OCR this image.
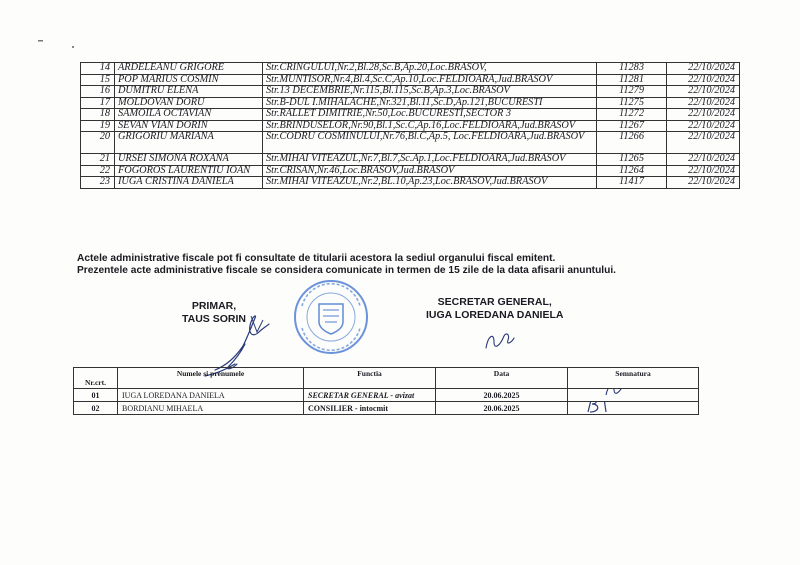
14	ARDELEANU GRIGORE	Str.CRINGULUI,Nr.2,Bl.28,Sc.B,Ap.20,Loc.BRASOV,	11283	22/10/2024
15	POP MARIUS COSMIN	Str.MUNTISOR,Nr.4,Bl.4,Sc.C,Ap.10,Loc.FELDIOARA,Jud.BRASOV	11281	22/10/2024
16	DUMITRU ELENA	Str.13 DECEMBRIE,Nr.115,Bl.115,Sc.B,Ap.3,Loc.BRASOV	11279	22/10/2024
17	MOLDOVAN DORU	Str.B-DUL I.MIHALACHE,Nr.321,Bl.11,Sc.D,Ap.121,BUCURESTI	11275	22/10/2024
18	SAMOILA OCTAVIAN	Str.RALLET DIMITRIE,Nr.50,Loc.BUCURESTI,SECTOR 3	11272	22/10/2024
19	SEVAN VIAN DORIN	Str.BRINDUSELOR,Nr.90,Bl.1,Sc.C,Ap.16,Loc.FELDIOARA,Jud.BRASOV	11267	22/10/2024
20	GRIGORIU MARIANA	Str.CODRU COSMINULUI,Nr.76,Bl.C,Ap.5, Loc.FELDIOARA,Jud.BRASOV	11266	22/10/2024
21	URSEI SIMONA ROXANA	Str.MIHAI VITEAZUL,Nr.7,Bl.7,Sc.Ap.1,Loc.FELDIOARA,Jud.BRASOV	11265	22/10/2024
22	FOGOROS LAURENTIU IOAN	Str.CRISAN,Nr.46,Loc.BRASOV,Jud.BRASOV	11264	22/10/2024
23	IUGA CRISTINA DANIELA	Str.MIHAI VITEAZUL,Nr.2,BL.10,Ap.23,Loc.BRASOV,Jud.BRASOV	11417	22/10/2024
Actele administrative fiscale pot fi consultate de titularii acestora la sediul organului fiscal emitent.
Prezentele acte administrative fiscale se considera comunicate in termen de 15 zile de la data afisarii anuntului.
PRIMAR,
TAUS SORIN
SECRETAR GENERAL,
IUGA LOREDANA DANIELA
Nr.crt.	Numele si prenumele	Functia	Data	Semnatura
01	IUGA LOREDANA DANIELA	SECRETAR GENERAL - avizat	20.06.2025	

02	BORDIANU MIHAELA	CONSILIER - intocmit	20.06.2025	
